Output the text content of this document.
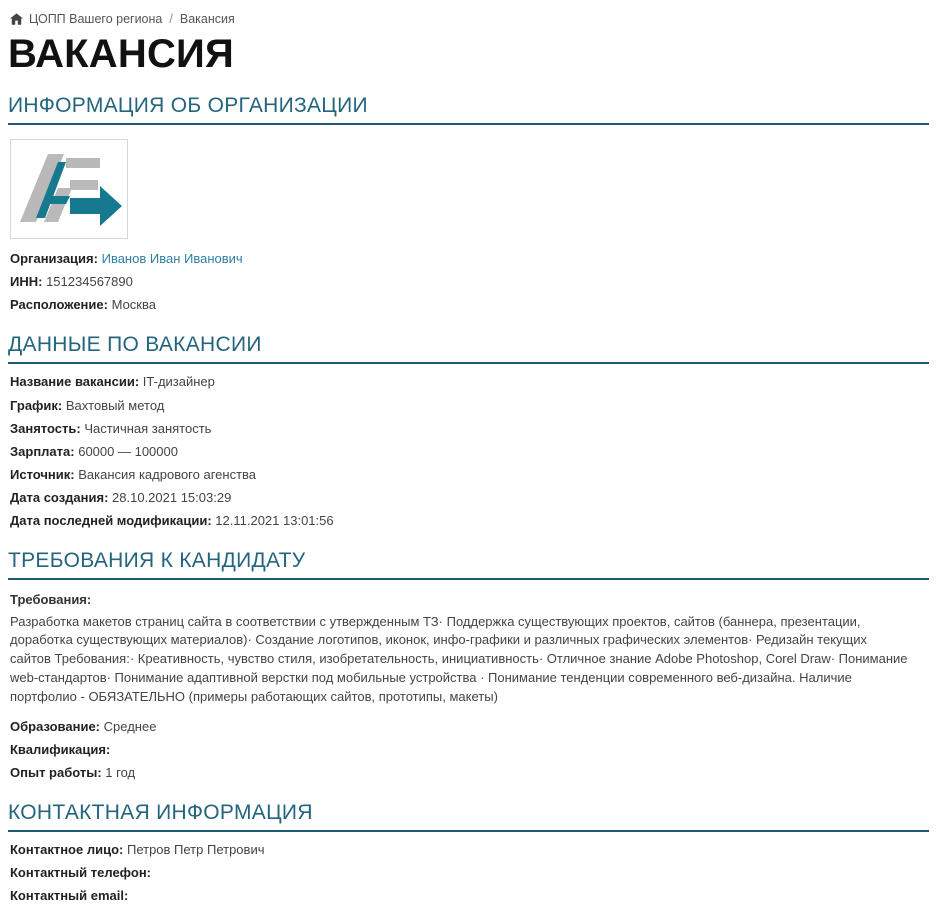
ЦОПП Вашего региона / Вакансия
ВАКАНСИЯ
ИНФОРМАЦИЯ ОБ ОРГАНИЗАЦИИ
Организация: Иванов Иван Иванович
ИНН: 151234567890
Расположение: Москва
ДАННЫЕ ПО ВАКАНСИИ
Название вакансии: IT-дизайнер
График: Вахтовый метод
Занятость: Частичная занятость
Зарплата: 60000 — 100000
Источник: Вакансия кадрового агенства
Дата создания: 28.10.2021 15:03:29
Дата последней модификации: 12.11.2021 13:01:56
ТРЕБОВАНИЯ К КАНДИДАТУ
Требования:
Разработка макетов страниц сайта в соответствии с утвержденным ТЗ· Поддержка существующих проектов, сайтов (баннера, презентации, доработка существующих материалов)· Создание логотипов, иконок, инфо-графики и различных графических элементов· Редизайн текущих сайтов Требования:· Креативность, чувство стиля, изобретательность, инициативность· Отличное знание Adobe Photoshop, Corel Draw· Понимание web-стандартов· Понимание адаптивной верстки под мобильные устройства · Понимание тенденции современного веб-дизайна. Наличие портфолио - ОБЯЗАТЕЛЬНО (примеры работающих сайтов, прототипы, макеты)
Образование: Среднее
Квалификация:
Опыт работы: 1 год
КОНТАКТНАЯ ИНФОРМАЦИЯ
Контактное лицо: Петров Петр Петрович
Контактный телефон:
Контактный email:
